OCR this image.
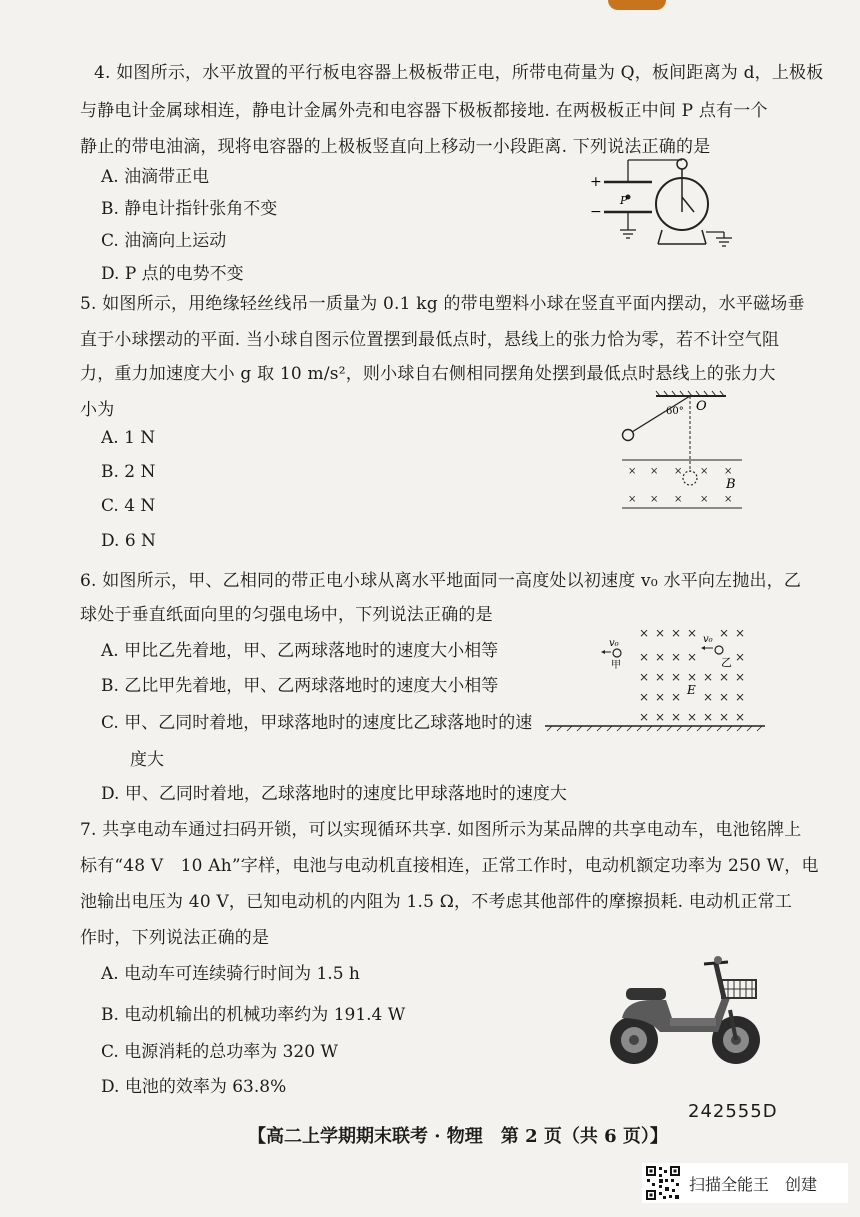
4. 如图所示，水平放置的平行板电容器上极板带正电，所带电荷量为 Q，板间距离为 d，上极板
与静电计金属球相连，静电计金属外壳和电容器下极板都接地. 在两极板正中间 P 点有一个
静止的带电油滴，现将电容器的上极板竖直向上移动一小段距离. 下列说法正确的是
A. 油滴带正电
B. 静电计指针张角不变
C. 油滴向上运动
D. P 点的电势不变
+
−
P
5. 如图所示，用绝缘轻丝线吊一质量为 0.1 kg 的带电塑料小球在竖直平面内摆动，水平磁场垂
直于小球摆动的平面. 当小球自图示位置摆到最低点时，悬线上的张力恰为零，若不计空气阻
力，重力加速度大小 g 取 10 m/s²，则小球自右侧相同摆角处摆到最低点时悬线上的张力大
小为
A. 1 N
B. 2 N
C. 4 N
D. 6 N
O
60°
× × × × ×
× × × × ×
B
6. 如图所示，甲、乙相同的带正电小球从离水平地面同一高度处以初速度 v₀ 水平向左抛出，乙
球处于垂直纸面向里的匀强电场中，下列说法正确的是
A. 甲比乙先着地，甲、乙两球落地时的速度大小相等
B. 乙比甲先着地，甲、乙两球落地时的速度大小相等
C. 甲、乙同时着地，甲球落地时的速度比乙球落地时的速
度大
D. 甲、乙同时着地，乙球落地时的速度比甲球落地时的速度大
v₀
甲
× × × × × ×
× × × ×	×
× × × × × × ×
× × × × × ×
× × × × × × ×
v₀
乙
E
7. 共享电动车通过扫码开锁，可以实现循环共享. 如图所示为某品牌的共享电动车，电池铭牌上
标有“48 V　10 Ah”字样，电池与电动机直接相连，正常工作时，电动机额定功率为 250 W，电
池输出电压为 40 V，已知电动机的内阻为 1.5 Ω，不考虑其他部件的摩擦损耗. 电动机正常工
作时，下列说法正确的是
A. 电动车可连续骑行时间为 1.5 h
B. 电动机输出的机械功率约为 191.4 W
C. 电源消耗的总功率为 320 W
D. 电池的效率为 63.8%
242555D
【高二上学期期末联考 · 物理　第 2 页（共 6 页）】
扫描全能王　创建
